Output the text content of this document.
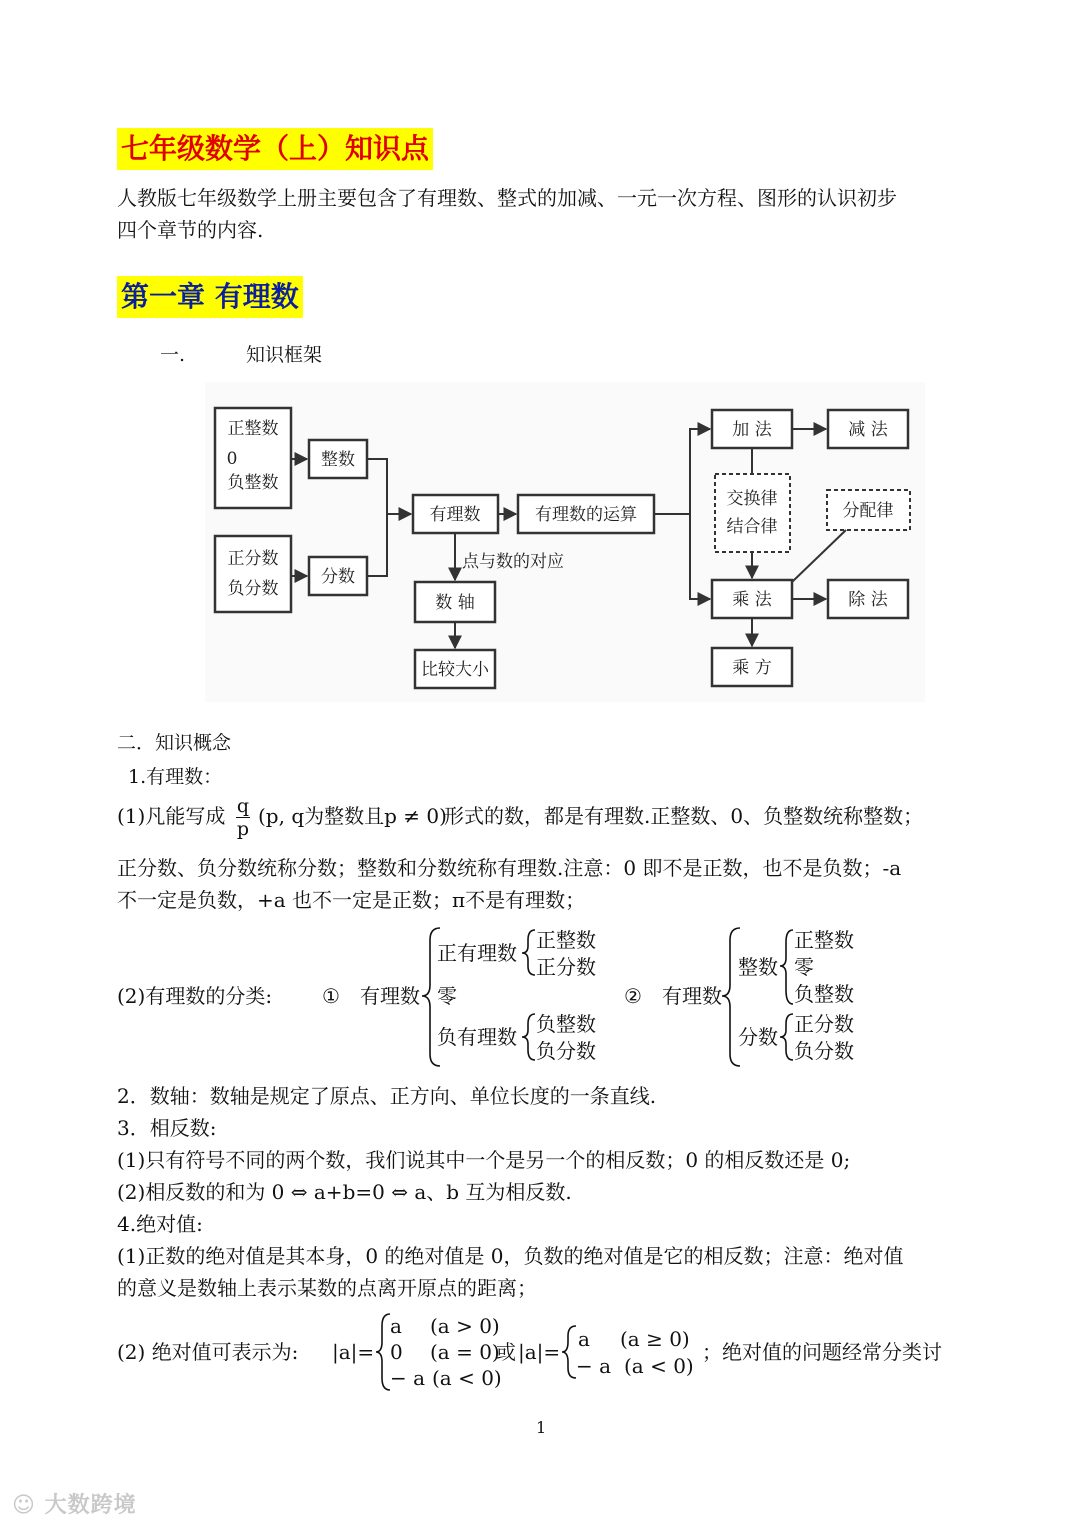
七年级数学（上）知识点
人教版七年级数学上册主要包含了有理数、整式的加减、一元一次方程、图形的认识初步
四个章节的内容.
第一章 有理数
一.	知识框架
正整数
0
负整数
整数
正分数
负分数
分数
有理数	有理数的运算
点与数的对应
数 轴
比较大小
加 法	减 法
交换律
结合律
分配律
乘 法	除 法
乘 方
二．知识概念
1.有理数：
(1)凡能写成 q
p
(p, q为整数且p ≠ 0)
形式的数，都是有理数.正整数、0、负整数统称整数；
正分数、负分数统称分数；整数和分数统称有理数.注意：0 即不是正数，也不是负数；-a
不一定是负数，+a 也不一定是正数；π不是有理数；
(2)有理数的分类: ① 有理数
正有理数
正整数
正分数
零
负有理数
负整数
负分数
② 有理数
整数
正整数
零
负整数
分数
正分数
负分数
2．数轴：数轴是规定了原点、正方向、单位长度的一条直线.
3．相反数:
(1)只有符号不同的两个数，我们说其中一个是另一个的相反数；0 的相反数还是 0;
(2)相反数的和为 0 ⇔ a+b=0 ⇔ a、b 互为相反数.
4.绝对值:
(1)正数的绝对值是其本身，0 的绝对值是 0，负数的绝对值是它的相反数；注意：绝对值
的意义是数轴上表示某数的点离开原点的距离；
(2) 绝对值可表示为: |a|=
a (a > 0)
0 (a = 0)
− a (a < 0)
或 |a|=
a (a ≥ 0)
− a (a < 0)
；绝对值的问题经常分类讨
1
☺ 大数跨境
